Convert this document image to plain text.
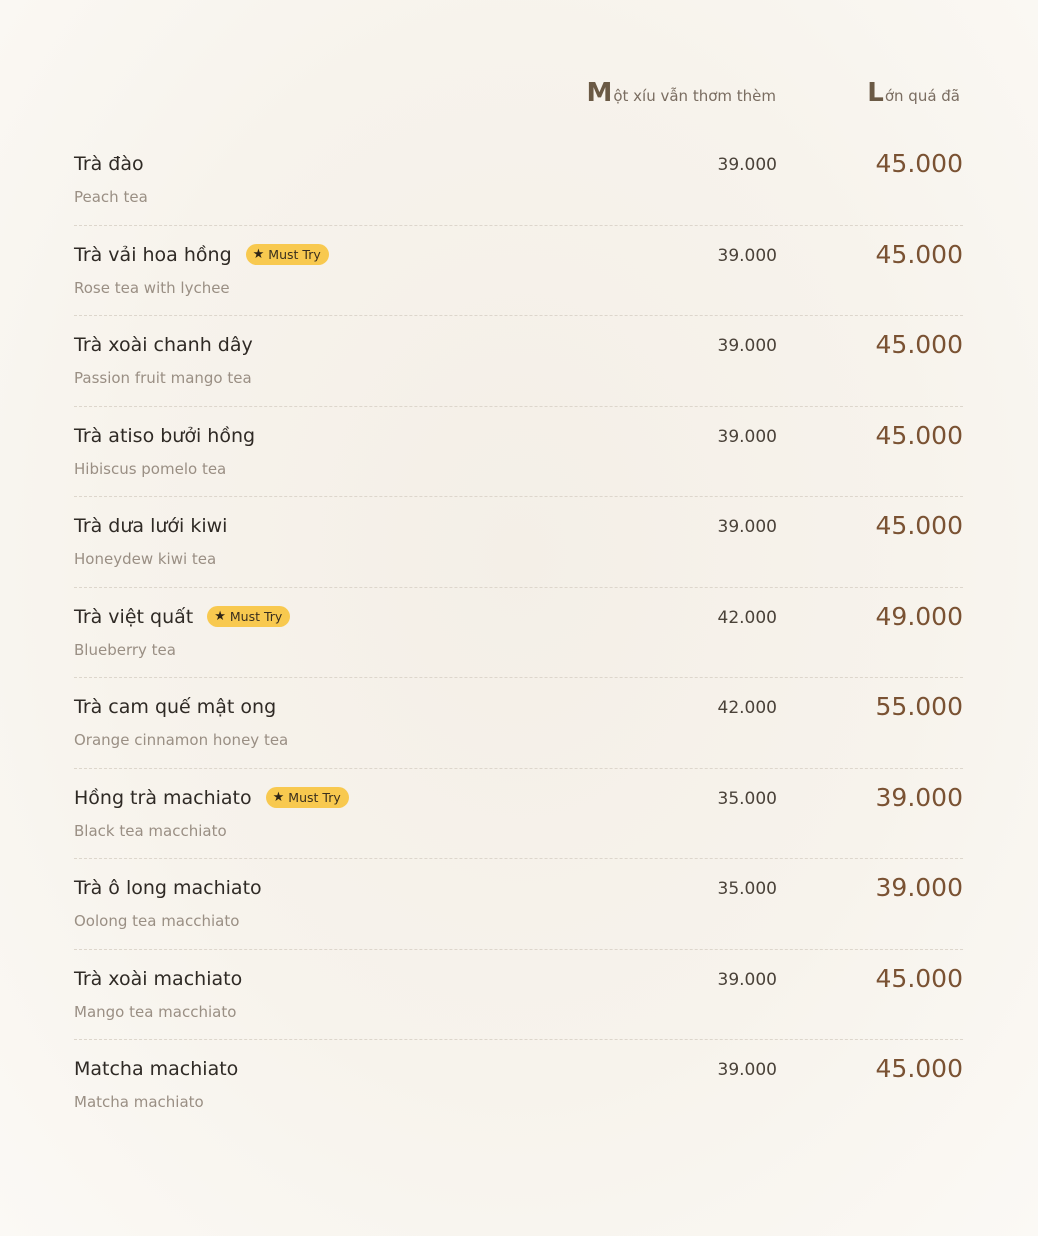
Một xíu vẫn thơm thèm	Lớn quá đã
Trà đào
Peach tea
39.000	45.000
Trà vải hoa hồng ★ Must Try
Rose tea with lychee
39.000	45.000
Trà xoài chanh dây
Passion fruit mango tea
39.000	45.000
Trà atiso bưởi hồng
Hibiscus pomelo tea
39.000	45.000
Trà dưa lưới kiwi
Honeydew kiwi tea
39.000	45.000
Trà việt quất ★ Must Try
Blueberry tea
42.000	49.000
Trà cam quế mật ong
Orange cinnamon honey tea
42.000	55.000
Hồng trà machiato ★ Must Try
Black tea macchiato
35.000	39.000
Trà ô long machiato
Oolong tea macchiato
35.000	39.000
Trà xoài machiato
Mango tea macchiato
39.000	45.000
Matcha machiato
Matcha machiato
39.000	45.000
